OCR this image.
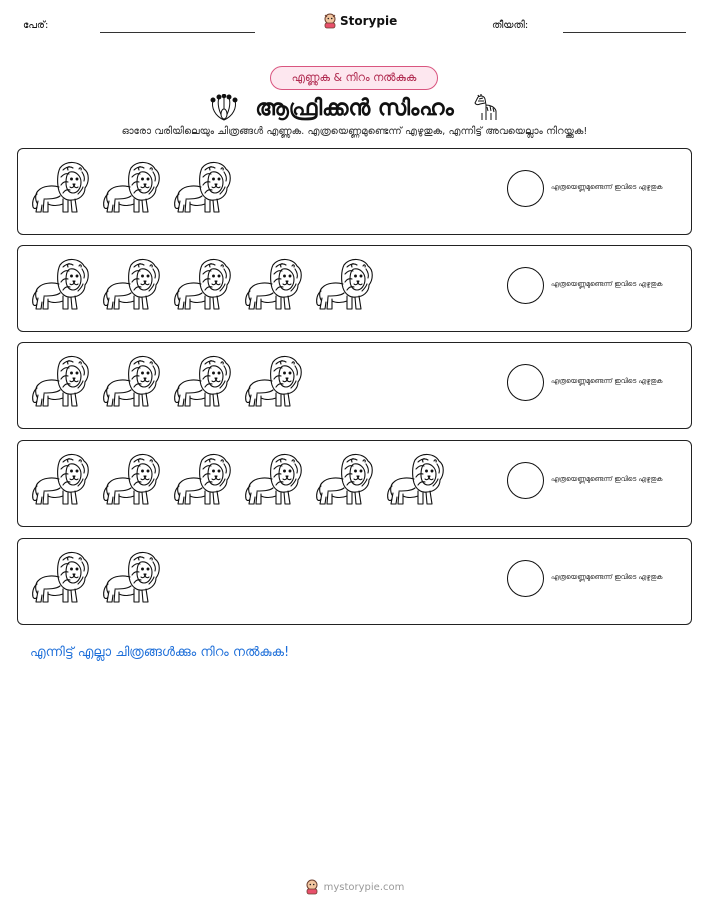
പേര്:	Storypie	തീയതി:
എണ്ണുക & നിറം നൽകുക
ആഫ്രിക്കൻ സിംഹം
ഓരോ വരിയിലെയും ചിത്രങ്ങൾ എണ്ണുക. എത്രയെണ്ണമുണ്ടെന്ന് എഴുതുക, എന്നിട്ട് അവയെല്ലാം നിറയ്ക്കുക!
എത്രയെണ്ണമുണ്ടെന്ന് ഇവിടെ എഴുതുക
എത്രയെണ്ണമുണ്ടെന്ന് ഇവിടെ എഴുതുക
എത്രയെണ്ണമുണ്ടെന്ന് ഇവിടെ എഴുതുക
എത്രയെണ്ണമുണ്ടെന്ന് ഇവിടെ എഴുതുക
എത്രയെണ്ണമുണ്ടെന്ന് ഇവിടെ എഴുതുക
എന്നിട്ട് എല്ലാ ചിത്രങ്ങൾക്കും നിറം നൽകുക!
mystorypie.com
